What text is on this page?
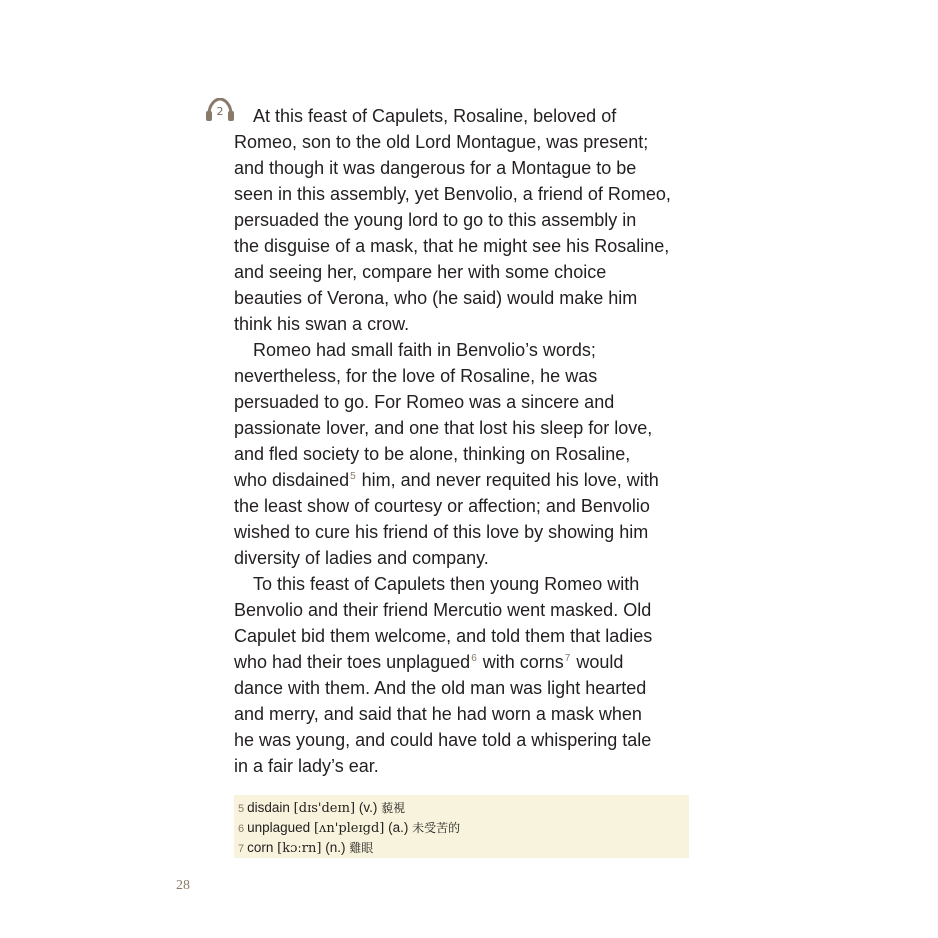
2	At this feast of Capulets, Rosaline, beloved of
Romeo, son to the old Lord Montague, was present;
and though it was dangerous for a Montague to be
seen in this assembly, yet Benvolio, a friend of Romeo,
persuaded the young lord to go to this assembly in
the disguise of a mask, that he might see his Rosaline,
and seeing her, compare her with some choice
beauties of Verona, who (he said) would make him
think his swan a crow.
Romeo had small faith in Benvolio’s words;
nevertheless, for the love of Rosaline, he was
persuaded to go. For Romeo was a sincere and
passionate lover, and one that lost his sleep for love,
and fled society to be alone, thinking on Rosaline,
who disdained$^5$ him, and never requited his love, with
the least show of courtesy or affection; and Benvolio
wished to cure his friend of this love by showing him
diversity of ladies and company.
To this feast of Capulets then young Romeo with
Benvolio and their friend Mercutio went masked. Old
Capulet bid them welcome, and told them that ladies
who had their toes unplagued$^6$ with corns$^7$ would
dance with them. And the old man was light hearted
and merry, and said that he had worn a mask when
he was young, and could have told a whispering tale
in a fair lady’s ear.
5 disdain [dɪs'deɪn] (v.) 藐視
6 unplagued [ʌn'pleɪgd] (a.) 未受苦的
7 corn [kɔːrn] (n.) 雞眼
28
